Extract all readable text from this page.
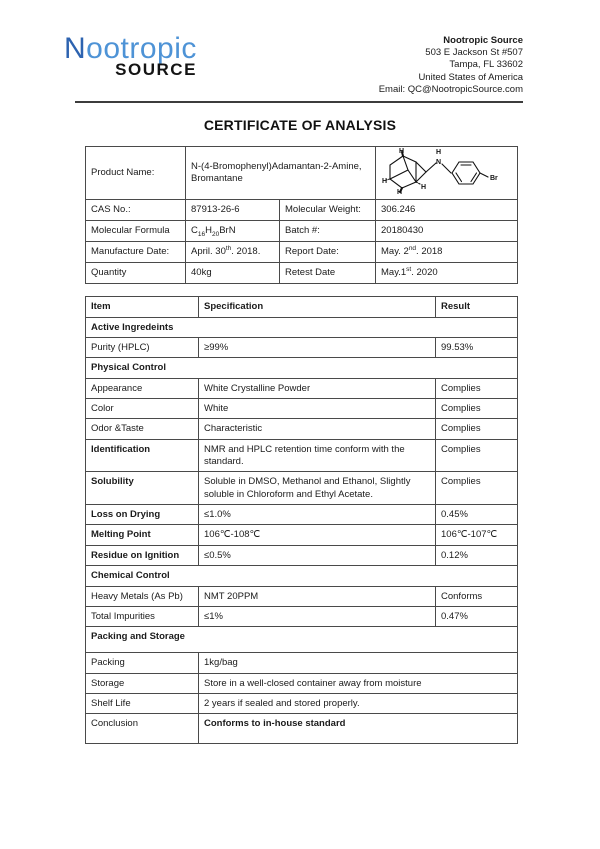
Nootropic
SOURCE
Nootropic Source
503 E Jackson St #507
Tampa, FL 33602
United States of America
Email: QC@NootropicSource.com
CERTIFICATE OF ANALYSIS
Product Name:	N-(4-Bromophenyl)Adamantan-2-Amine, Bromantane	
H
H
H
H
H
N
Br

CAS No.:	87913-26-6	Molecular Weight:	306.246
Molecular Formula	$C_{16}H_{20}BrN$	Batch #:	20180430
Manufacture Date:	April. 30th. 2018.	Report Date:	May. 2nd. 2018
Quantity	40kg	Retest Date	May.1st. 2020
Item	Specification	Result
Active Ingredeints		
Purity (HPLC)	≥99%	99.53%
Physical Control		
Appearance	White Crystalline Powder	Complies
Color	White	Complies
Odor &Taste	Characteristic	Complies
Identification	NMR and HPLC retention time conform with the standard.	Complies
Solubility	Soluble in DMSO, Methanol and Ethanol, Slightly soluble in Chloroform and Ethyl Acetate.	Complies
Loss on Drying	≤1.0%	0.45%
Melting Point	106℃-108℃	106℃-107℃
Residue on Ignition	≤0.5%	0.12%
Chemical Control		
Heavy Metals (As Pb)	NMT 20PPM	Conforms
Total Impurities	≤1%	0.47%
Packing and Storage		
Packing	1kg/bag	
Storage	Store in a well-closed container away from moisture	
Shelf Life	2 years if sealed and stored properly.	
Conclusion	Conforms to in-house standard	
